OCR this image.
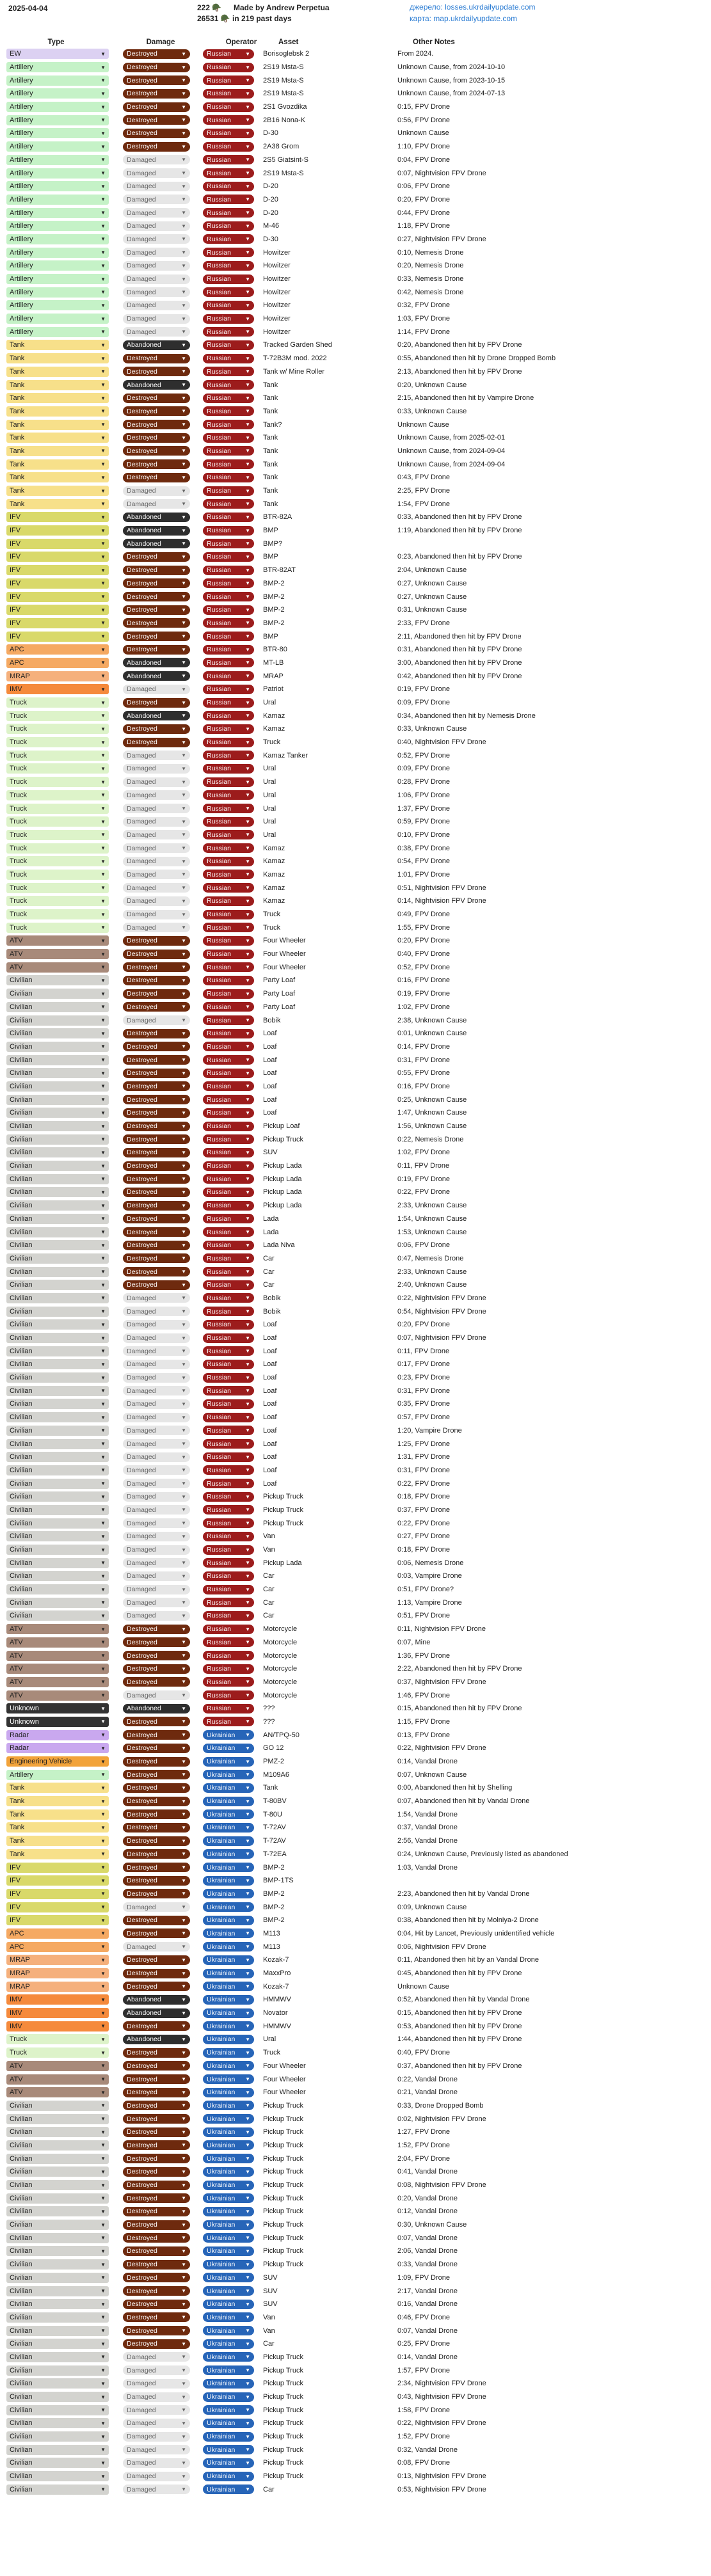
2025-04-04	222 🪖 Made by Andrew Perpetua
26531 🪖 in 219 past days
джерело: losses.ukrdailyupdate.com
карта: map.ukrdailyupdate.com
Type	Damage	Operator	Asset	Other Notes
EW	▼	Destroyed	▼	Russian	▼ Borisoglebsk 2	From 2024.
Artillery	▼	Destroyed	▼	Russian	▼ 2S19 Msta-S	Unknown Cause, from 2024-10-10
Artillery	▼	Destroyed	▼	Russian	▼ 2S19 Msta-S	Unknown Cause, from 2023-10-15
Artillery	▼	Destroyed	▼	Russian	▼ 2S19 Msta-S	Unknown Cause, from 2024-07-13
Artillery	▼	Destroyed	▼	Russian	▼ 2S1 Gvozdika	0:15, FPV Drone
Artillery	▼	Destroyed	▼	Russian	▼ 2B16 Nona-K	0:56, FPV Drone
Artillery	▼	Destroyed	▼	Russian	▼ D-30	Unknown Cause
Artillery	▼	Destroyed	▼	Russian	▼ 2A38 Grom	1:10, FPV Drone
Artillery	▼	Damaged	▼	Russian	▼ 2S5 Giatsint-S	0:04, FPV Drone
Artillery	▼	Damaged	▼	Russian	▼ 2S19 Msta-S	0:07, Nightvision FPV Drone
Artillery	▼	Damaged	▼	Russian	▼ D-20	0:06, FPV Drone
Artillery	▼	Damaged	▼	Russian	▼ D-20	0:20, FPV Drone
Artillery	▼	Damaged	▼	Russian	▼ D-20	0:44, FPV Drone
Artillery	▼	Damaged	▼	Russian	▼ M-46	1:18, FPV Drone
Artillery	▼	Damaged	▼	Russian	▼ D-30	0:27, Nightvision FPV Drone
Artillery	▼	Damaged	▼	Russian	▼ Howitzer	0:10, Nemesis Drone
Artillery	▼	Damaged	▼	Russian	▼ Howitzer	0:20, Nemesis Drone
Artillery	▼	Damaged	▼	Russian	▼ Howitzer	0:33, Nemesis Drone
Artillery	▼	Damaged	▼	Russian	▼ Howitzer	0:42, Nemesis Drone
Artillery	▼	Damaged	▼	Russian	▼ Howitzer	0:32, FPV Drone
Artillery	▼	Damaged	▼	Russian	▼ Howitzer	1:03, FPV Drone
Artillery	▼	Damaged	▼	Russian	▼ Howitzer	1:14, FPV Drone
Tank	▼	Abandoned	▼	Russian	▼ Tracked Garden Shed	0:20, Abandoned then hit by FPV Drone
Tank	▼	Destroyed	▼	Russian	▼ T-72B3M mod. 2022	0:55, Abandoned then hit by Drone Dropped Bomb
Tank	▼	Destroyed	▼	Russian	▼ Tank w/ Mine Roller	2:13, Abandoned then hit by FPV Drone
Tank	▼	Abandoned	▼	Russian	▼ Tank	0:20, Unknown Cause
Tank	▼	Destroyed	▼	Russian	▼ Tank	2:15, Abandoned then hit by Vampire Drone
Tank	▼	Destroyed	▼	Russian	▼ Tank	0:33, Unknown Cause
Tank	▼	Destroyed	▼	Russian	▼ Tank?	Unknown Cause
Tank	▼	Destroyed	▼	Russian	▼ Tank	Unknown Cause, from 2025-02-01
Tank	▼	Destroyed	▼	Russian	▼ Tank	Unknown Cause, from 2024-09-04
Tank	▼	Destroyed	▼	Russian	▼ Tank	Unknown Cause, from 2024-09-04
Tank	▼	Destroyed	▼	Russian	▼ Tank	0:43, FPV Drone
Tank	▼	Damaged	▼	Russian	▼ Tank	2:25, FPV Drone
Tank	▼	Damaged	▼	Russian	▼ Tank	1:54, FPV Drone
IFV	▼	Abandoned	▼	Russian	▼ BTR-82A	0:33, Abandoned then hit by FPV Drone
IFV	▼	Abandoned	▼	Russian	▼ BMP	1:19, Abandoned then hit by FPV Drone
IFV	▼	Abandoned	▼	Russian	▼ BMP?
IFV	▼	Destroyed	▼	Russian	▼ BMP	0:23, Abandoned then hit by FPV Drone
IFV	▼	Destroyed	▼	Russian	▼ BTR-82AT	2:04, Unknown Cause
IFV	▼	Destroyed	▼	Russian	▼ BMP-2	0:27, Unknown Cause
IFV	▼	Destroyed	▼	Russian	▼ BMP-2	0:27, Unknown Cause
IFV	▼	Destroyed	▼	Russian	▼ BMP-2	0:31, Unknown Cause
IFV	▼	Destroyed	▼	Russian	▼ BMP-2	2:33, FPV Drone
IFV	▼	Destroyed	▼	Russian	▼ BMP	2:11, Abandoned then hit by FPV Drone
APC	▼	Destroyed	▼	Russian	▼ BTR-80	0:31, Abandoned then hit by FPV Drone
APC	▼	Abandoned	▼	Russian	▼ MT-LB	3:00, Abandoned then hit by FPV Drone
MRAP	▼	Abandoned	▼	Russian	▼ MRAP	0:42, Abandoned then hit by FPV Drone
IMV	▼	Damaged	▼	Russian	▼ Patriot	0:19, FPV Drone
Truck	▼	Destroyed	▼	Russian	▼ Ural	0:09, FPV Drone
Truck	▼	Abandoned	▼	Russian	▼ Kamaz	0:34, Abandoned then hit by Nemesis Drone
Truck	▼	Destroyed	▼	Russian	▼ Kamaz	0:33, Unknown Cause
Truck	▼	Destroyed	▼	Russian	▼ Truck	0:40, Nightvision FPV Drone
Truck	▼	Damaged	▼	Russian	▼ Kamaz Tanker	0:52, FPV Drone
Truck	▼	Damaged	▼	Russian	▼ Ural	0:09, FPV Drone
Truck	▼	Damaged	▼	Russian	▼ Ural	0:28, FPV Drone
Truck	▼	Damaged	▼	Russian	▼ Ural	1:06, FPV Drone
Truck	▼	Damaged	▼	Russian	▼ Ural	1:37, FPV Drone
Truck	▼	Damaged	▼	Russian	▼ Ural	0:59, FPV Drone
Truck	▼	Damaged	▼	Russian	▼ Ural	0:10, FPV Drone
Truck	▼	Damaged	▼	Russian	▼ Kamaz	0:38, FPV Drone
Truck	▼	Damaged	▼	Russian	▼ Kamaz	0:54, FPV Drone
Truck	▼	Damaged	▼	Russian	▼ Kamaz	1:01, FPV Drone
Truck	▼	Damaged	▼	Russian	▼ Kamaz	0:51, Nightvision FPV Drone
Truck	▼	Damaged	▼	Russian	▼ Kamaz	0:14, Nightvision FPV Drone
Truck	▼	Damaged	▼	Russian	▼ Truck	0:49, FPV Drone
Truck	▼	Damaged	▼	Russian	▼ Truck	1:55, FPV Drone
ATV	▼	Destroyed	▼	Russian	▼ Four Wheeler	0:20, FPV Drone
ATV	▼	Destroyed	▼	Russian	▼ Four Wheeler	0:40, FPV Drone
ATV	▼	Destroyed	▼	Russian	▼ Four Wheeler	0:52, FPV Drone
Civilian	▼	Destroyed	▼	Russian	▼ Party Loaf	0:16, FPV Drone
Civilian	▼	Destroyed	▼	Russian	▼ Party Loaf	0:19, FPV Drone
Civilian	▼	Destroyed	▼	Russian	▼ Party Loaf	1:02, FPV Drone
Civilian	▼	Damaged	▼	Russian	▼ Bobik	2:38, Unknown Cause
Civilian	▼	Destroyed	▼	Russian	▼ Loaf	0:01, Unknown Cause
Civilian	▼	Destroyed	▼	Russian	▼ Loaf	0:14, FPV Drone
Civilian	▼	Destroyed	▼	Russian	▼ Loaf	0:31, FPV Drone
Civilian	▼	Destroyed	▼	Russian	▼ Loaf	0:55, FPV Drone
Civilian	▼	Destroyed	▼	Russian	▼ Loaf	0:16, FPV Drone
Civilian	▼	Destroyed	▼	Russian	▼ Loaf	0:25, Unknown Cause
Civilian	▼	Destroyed	▼	Russian	▼ Loaf	1:47, Unknown Cause
Civilian	▼	Destroyed	▼	Russian	▼ Pickup Loaf	1:56, Unknown Cause
Civilian	▼	Destroyed	▼	Russian	▼ Pickup Truck	0:22, Nemesis Drone
Civilian	▼	Destroyed	▼	Russian	▼ SUV	1:02, FPV Drone
Civilian	▼	Destroyed	▼	Russian	▼ Pickup Lada	0:11, FPV Drone
Civilian	▼	Destroyed	▼	Russian	▼ Pickup Lada	0:19, FPV Drone
Civilian	▼	Destroyed	▼	Russian	▼ Pickup Lada	0:22, FPV Drone
Civilian	▼	Destroyed	▼	Russian	▼ Pickup Lada	2:33, Unknown Cause
Civilian	▼	Destroyed	▼	Russian	▼ Lada	1:54, Unknown Cause
Civilian	▼	Destroyed	▼	Russian	▼ Lada	1:53, Unknown Cause
Civilian	▼	Destroyed	▼	Russian	▼ Lada Niva	0:06, FPV Drone
Civilian	▼	Destroyed	▼	Russian	▼ Car	0:47, Nemesis Drone
Civilian	▼	Destroyed	▼	Russian	▼ Car	2:33, Unknown Cause
Civilian	▼	Destroyed	▼	Russian	▼ Car	2:40, Unknown Cause
Civilian	▼	Damaged	▼	Russian	▼ Bobik	0:22, Nightvision FPV Drone
Civilian	▼	Damaged	▼	Russian	▼ Bobik	0:54, Nightvision FPV Drone
Civilian	▼	Damaged	▼	Russian	▼ Loaf	0:20, FPV Drone
Civilian	▼	Damaged	▼	Russian	▼ Loaf	0:07, Nightvision FPV Drone
Civilian	▼	Damaged	▼	Russian	▼ Loaf	0:11, FPV Drone
Civilian	▼	Damaged	▼	Russian	▼ Loaf	0:17, FPV Drone
Civilian	▼	Damaged	▼	Russian	▼ Loaf	0:23, FPV Drone
Civilian	▼	Damaged	▼	Russian	▼ Loaf	0:31, FPV Drone
Civilian	▼	Damaged	▼	Russian	▼ Loaf	0:35, FPV Drone
Civilian	▼	Damaged	▼	Russian	▼ Loaf	0:57, FPV Drone
Civilian	▼	Damaged	▼	Russian	▼ Loaf	1:20, Vampire Drone
Civilian	▼	Damaged	▼	Russian	▼ Loaf	1:25, FPV Drone
Civilian	▼	Damaged	▼	Russian	▼ Loaf	1:31, FPV Drone
Civilian	▼	Damaged	▼	Russian	▼ Loaf	0:31, FPV Drone
Civilian	▼	Damaged	▼	Russian	▼ Loaf	0:22, FPV Drone
Civilian	▼	Damaged	▼	Russian	▼ Pickup Truck	0:18, FPV Drone
Civilian	▼	Damaged	▼	Russian	▼ Pickup Truck	0:37, FPV Drone
Civilian	▼	Damaged	▼	Russian	▼ Pickup Truck	0:22, FPV Drone
Civilian	▼	Damaged	▼	Russian	▼ Van	0:27, FPV Drone
Civilian	▼	Damaged	▼	Russian	▼ Van	0:18, FPV Drone
Civilian	▼	Damaged	▼	Russian	▼ Pickup Lada	0:06, Nemesis Drone
Civilian	▼	Damaged	▼	Russian	▼ Car	0:03, Vampire Drone
Civilian	▼	Damaged	▼	Russian	▼ Car	0:51, FPV Drone?
Civilian	▼	Damaged	▼	Russian	▼ Car	1:13, Vampire Drone
Civilian	▼	Damaged	▼	Russian	▼ Car	0:51, FPV Drone
ATV	▼	Destroyed	▼	Russian	▼ Motorcycle	0:11, Nightvision FPV Drone
ATV	▼	Destroyed	▼	Russian	▼ Motorcycle	0:07, Mine
ATV	▼	Destroyed	▼	Russian	▼ Motorcycle	1:36, FPV Drone
ATV	▼	Destroyed	▼	Russian	▼ Motorcycle	2:22, Abandoned then hit by FPV Drone
ATV	▼	Destroyed	▼	Russian	▼ Motorcycle	0:37, Nightvision FPV Drone
ATV	▼	Damaged	▼	Russian	▼ Motorcycle	1:46, FPV Drone
Unknown	▼	Abandoned	▼	Russian	▼ ???	0:15, Abandoned then hit by FPV Drone
Unknown	▼	Destroyed	▼	Russian	▼ ???	1:15, FPV Drone
Radar	▼	Destroyed	▼	Ukrainian ▼ AN/TPQ-50	0:13, FPV Drone
Radar	▼	Destroyed	▼	Ukrainian ▼ GO 12	0:22, Nightvision FPV Drone
Engineering Vehicle	▼	Destroyed	▼	Ukrainian ▼ PMZ-2	0:14, Vandal Drone
Artillery	▼	Destroyed	▼	Ukrainian ▼ M109A6	0:07, Unknown Cause
Tank	▼	Destroyed	▼	Ukrainian ▼ Tank	0:00, Abandoned then hit by Shelling
Tank	▼	Destroyed	▼	Ukrainian ▼ T-80BV	0:07, Abandoned then hit by Vandal Drone
Tank	▼	Destroyed	▼	Ukrainian ▼ T-80U	1:54, Vandal Drone
Tank	▼	Destroyed	▼	Ukrainian ▼ T-72AV	0:37, Vandal Drone
Tank	▼	Destroyed	▼	Ukrainian ▼ T-72AV	2:56, Vandal Drone
Tank	▼	Destroyed	▼	Ukrainian ▼ T-72EA	0:24, Unknown Cause, Previously listed as abandoned
IFV	▼	Destroyed	▼	Ukrainian ▼ BMP-2	1:03, Vandal Drone
IFV	▼	Destroyed	▼	Ukrainian ▼ BMP-1TS
IFV	▼	Destroyed	▼	Ukrainian ▼ BMP-2	2:23, Abandoned then hit by Vandal Drone
IFV	▼	Damaged	▼	Ukrainian ▼ BMP-2	0:09, Unknown Cause
IFV	▼	Destroyed	▼	Ukrainian ▼ BMP-2	0:38, Abandoned then hit by Molniya-2 Drone
APC	▼	Destroyed	▼	Ukrainian ▼ M113	0:04, Hit by Lancet, Previously unidentified vehicle
APC	▼	Damaged	▼	Ukrainian ▼ M113	0:06, Nightvision FPV Drone
MRAP	▼	Destroyed	▼	Ukrainian ▼ Kozak-7	0:11, Abandoned then hit by an Vandal Drone
MRAP	▼	Destroyed	▼	Ukrainian ▼ MaxxPro	0:45, Abandoned then hit by FPV Drone
MRAP	▼	Destroyed	▼	Ukrainian ▼ Kozak-7	Unknown Cause
IMV	▼	Abandoned	▼	Ukrainian ▼ HMMWV	0:52, Abandoned then hit by Vandal Drone
IMV	▼	Abandoned	▼	Ukrainian ▼ Novator	0:15, Abandoned then hit by FPV Drone
IMV	▼	Destroyed	▼	Ukrainian ▼ HMMWV	0:53, Abandoned then hit by FPV Drone
Truck	▼	Abandoned	▼	Ukrainian ▼ Ural	1:44, Abandoned then hit by FPV Drone
Truck	▼	Destroyed	▼	Ukrainian ▼ Truck	0:40, FPV Drone
ATV	▼	Destroyed	▼	Ukrainian ▼ Four Wheeler	0:37, Abandoned then hit by FPV Drone
ATV	▼	Destroyed	▼	Ukrainian ▼ Four Wheeler	0:22, Vandal Drone
ATV	▼	Destroyed	▼	Ukrainian ▼ Four Wheeler	0:21, Vandal Drone
Civilian	▼	Destroyed	▼	Ukrainian ▼ Pickup Truck	0:33, Drone Dropped Bomb
Civilian	▼	Destroyed	▼	Ukrainian ▼ Pickup Truck	0:02, Nightvision FPV Drone
Civilian	▼	Destroyed	▼	Ukrainian ▼ Pickup Truck	1:27, FPV Drone
Civilian	▼	Destroyed	▼	Ukrainian ▼ Pickup Truck	1:52, FPV Drone
Civilian	▼	Destroyed	▼	Ukrainian ▼ Pickup Truck	2:04, FPV Drone
Civilian	▼	Destroyed	▼	Ukrainian ▼ Pickup Truck	0:41, Vandal Drone
Civilian	▼	Destroyed	▼	Ukrainian ▼ Pickup Truck	0:08, Nightvision FPV Drone
Civilian	▼	Destroyed	▼	Ukrainian ▼ Pickup Truck	0:20, Vandal Drone
Civilian	▼	Destroyed	▼	Ukrainian ▼ Pickup Truck	0:12, Vandal Drone
Civilian	▼	Destroyed	▼	Ukrainian ▼ Pickup Truck	0:30, Unknown Cause
Civilian	▼	Destroyed	▼	Ukrainian ▼ Pickup Truck	0:07, Vandal Drone
Civilian	▼	Destroyed	▼	Ukrainian ▼ Pickup Truck	2:06, Vandal Drone
Civilian	▼	Destroyed	▼	Ukrainian ▼ Pickup Truck	0:33, Vandal Drone
Civilian	▼	Destroyed	▼	Ukrainian ▼ SUV	1:09, FPV Drone
Civilian	▼	Destroyed	▼	Ukrainian ▼ SUV	2:17, Vandal Drone
Civilian	▼	Destroyed	▼	Ukrainian ▼ SUV	0:16, Vandal Drone
Civilian	▼	Destroyed	▼	Ukrainian ▼ Van	0:46, FPV Drone
Civilian	▼	Destroyed	▼	Ukrainian ▼ Van	0:07, Vandal Drone
Civilian	▼	Destroyed	▼	Ukrainian ▼ Car	0:25, FPV Drone
Civilian	▼	Damaged	▼	Ukrainian ▼ Pickup Truck	0:14, Vandal Drone
Civilian	▼	Damaged	▼	Ukrainian ▼ Pickup Truck	1:57, FPV Drone
Civilian	▼	Damaged	▼	Ukrainian ▼ Pickup Truck	2:34, Nightvision FPV Drone
Civilian	▼	Damaged	▼	Ukrainian ▼ Pickup Truck	0:43, Nightvision FPV Drone
Civilian	▼	Damaged	▼	Ukrainian ▼ Pickup Truck	1:58, FPV Drone
Civilian	▼	Damaged	▼	Ukrainian ▼ Pickup Truck	0:22, Nightvision FPV Drone
Civilian	▼	Damaged	▼	Ukrainian ▼ Pickup Truck	1:52, FPV Drone
Civilian	▼	Damaged	▼	Ukrainian ▼ Pickup Truck	0:32, Vandal Drone
Civilian	▼	Damaged	▼	Ukrainian ▼ Pickup Truck	0:08, FPV Drone
Civilian	▼	Damaged	▼	Ukrainian ▼ Pickup Truck	0:13, Nightvision FPV Drone
Civilian	▼	Damaged	▼	Ukrainian ▼ Car	0:53, Nightvision FPV Drone
